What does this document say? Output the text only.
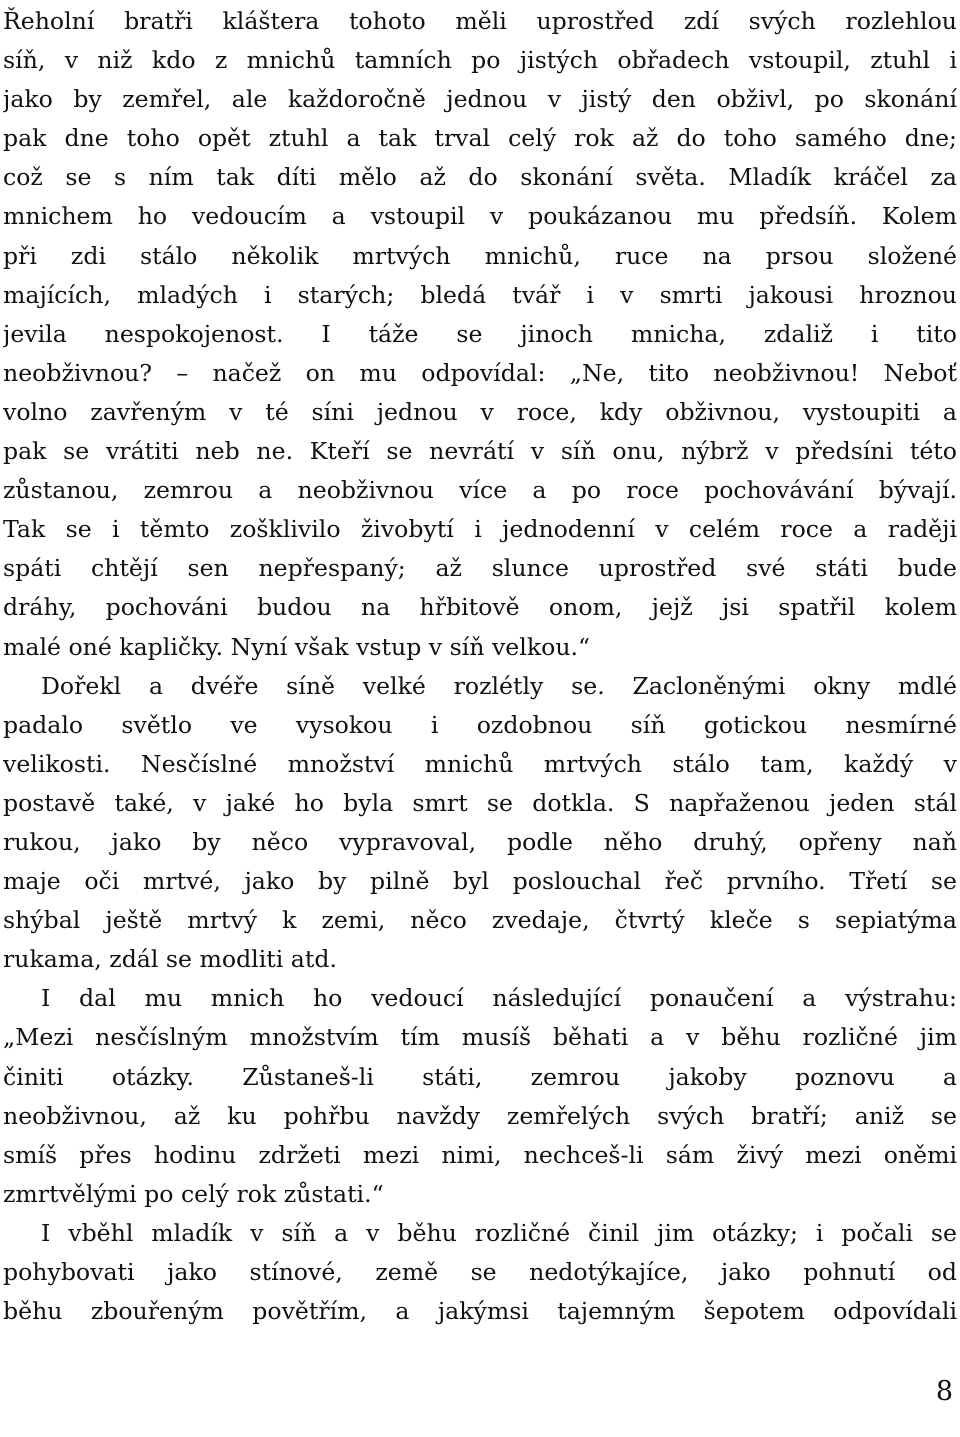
Řeholní bratři kláštera tohoto měli uprostřed zdí svých rozlehlou
síň, v niž kdo z mnichů tamních po jistých obřadech vstoupil, ztuhl i
jako by zemřel, ale každoročně jednou v jistý den obživl, po skonání
pak dne toho opět ztuhl a tak trval celý rok až do toho samého dne;
což se s ním tak díti mělo až do skonání světa. Mladík kráčel za
mnichem ho vedoucím a vstoupil v poukázanou mu předsíň. Kolem
při zdi stálo několik mrtvých mnichů, ruce na prsou složené
majících, mladých i starých; bledá tvář i v smrti jakousi hroznou
jevila nespokojenost. I táže se jinoch mnicha, zdaliž i tito
neobživnou? – načež on mu odpovídal: „Ne, tito neobživnou! Neboť
volno zavřeným v té síni jednou v roce, kdy obživnou, vystoupiti a
pak se vrátiti neb ne. Kteří se nevrátí v síň onu, nýbrž v předsíni této
zůstanou, zemrou a neobživnou více a po roce pochovávání bývají.
Tak se i těmto zošklivilo živobytí i jednodenní v celém roce a raději
spáti chtějí sen nepřespaný; až slunce uprostřed své státi bude
dráhy, pochováni budou na hřbitově onom, jejž jsi spatřil kolem
malé oné kapličky. Nyní však vstup v síň velkou.“
Dořekl a dvéře síně velké rozlétly se. Zacloněnými okny mdlé
padalo světlo ve vysokou i ozdobnou síň gotickou nesmírné
velikosti. Nesčíslné množství mnichů mrtvých stálo tam, každý v
postavě také, v jaké ho byla smrt se dotkla. S napřaženou jeden stál
rukou, jako by něco vypravoval, podle něho druhý, opřeny naň
maje oči mrtvé, jako by pilně byl poslouchal řeč prvního. Třetí se
shýbal ještě mrtvý k zemi, něco zvedaje, čtvrtý kleče s sepiatýma
rukama, zdál se modliti atd.
I dal mu mnich ho vedoucí následující ponaučení a výstrahu:
„Mezi nesčíslným množstvím tím musíš běhati a v běhu rozličné jim
činiti otázky. Zůstaneš-li státi, zemrou jakoby poznovu a
neobživnou, až ku pohřbu navždy zemřelých svých bratří; aniž se
smíš přes hodinu zdržeti mezi nimi, nechceš-li sám živý mezi oněmi
zmrtvělými po celý rok zůstati.“
I vběhl mladík v síň a v běhu rozličné činil jim otázky; i počali se
pohybovati jako stínové, země se nedotýkajíce, jako pohnutí od
běhu zbouřeným povětřím, a jakýmsi tajemným šepotem odpovídali
8
